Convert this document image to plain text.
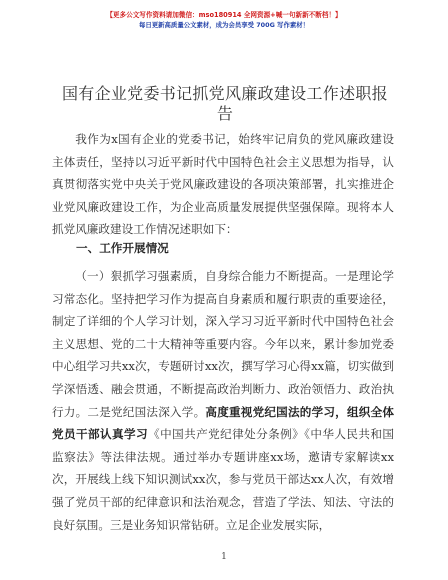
【更多公文写作资料请加微信：mso180914 全网资源+喊一句新新不断档！】
每日更新高质量公文素材，成为会员享受 700G 写作素材！
国有企业党委书记抓党风廉政建设工作述职报告
我作为x国有企业的党委书记，始终牢记肩负的党风廉政建设主体责任，坚持以习近平新时代中国特色社会主义思想为指导，认真贯彻落实党中央关于党风廉政建设的各项决策部署，扎实推进企业党风廉政建设工作，为企业高质量发展提供坚强保障。现将本人抓党风廉政建设工作情况述职如下：
一、工作开展情况
（一）狠抓学习强素质，自身综合能力不断提高。一是理论学习常态化。坚持把学习作为提高自身素质和履行职责的重要途径，制定了详细的个人学习计划，深入学习习近平新时代中国特色社会主义思想、党的二十大精神等重要内容。今年以来，累计参加党委中心组学习共xx次，专题研讨xx次，撰写学习心得xx篇，切实做到学深悟透、融会贯通，不断提高政治判断力、政治领悟力、政治执行力。二是党纪国法深入学。高度重视党纪国法的学习，组织全体党员干部认真学习《中国共产党纪律处分条例》《中华人民共和国监察法》等法律法规。通过举办专题讲座xx场，邀请专家解读xx次，开展线上线下知识测试xx次，参与党员干部达xx人次，有效增强了党员干部的纪律意识和法治观念，营造了学法、知法、守法的良好氛围。三是业务知识常钻研。立足企业发展实际，
1
